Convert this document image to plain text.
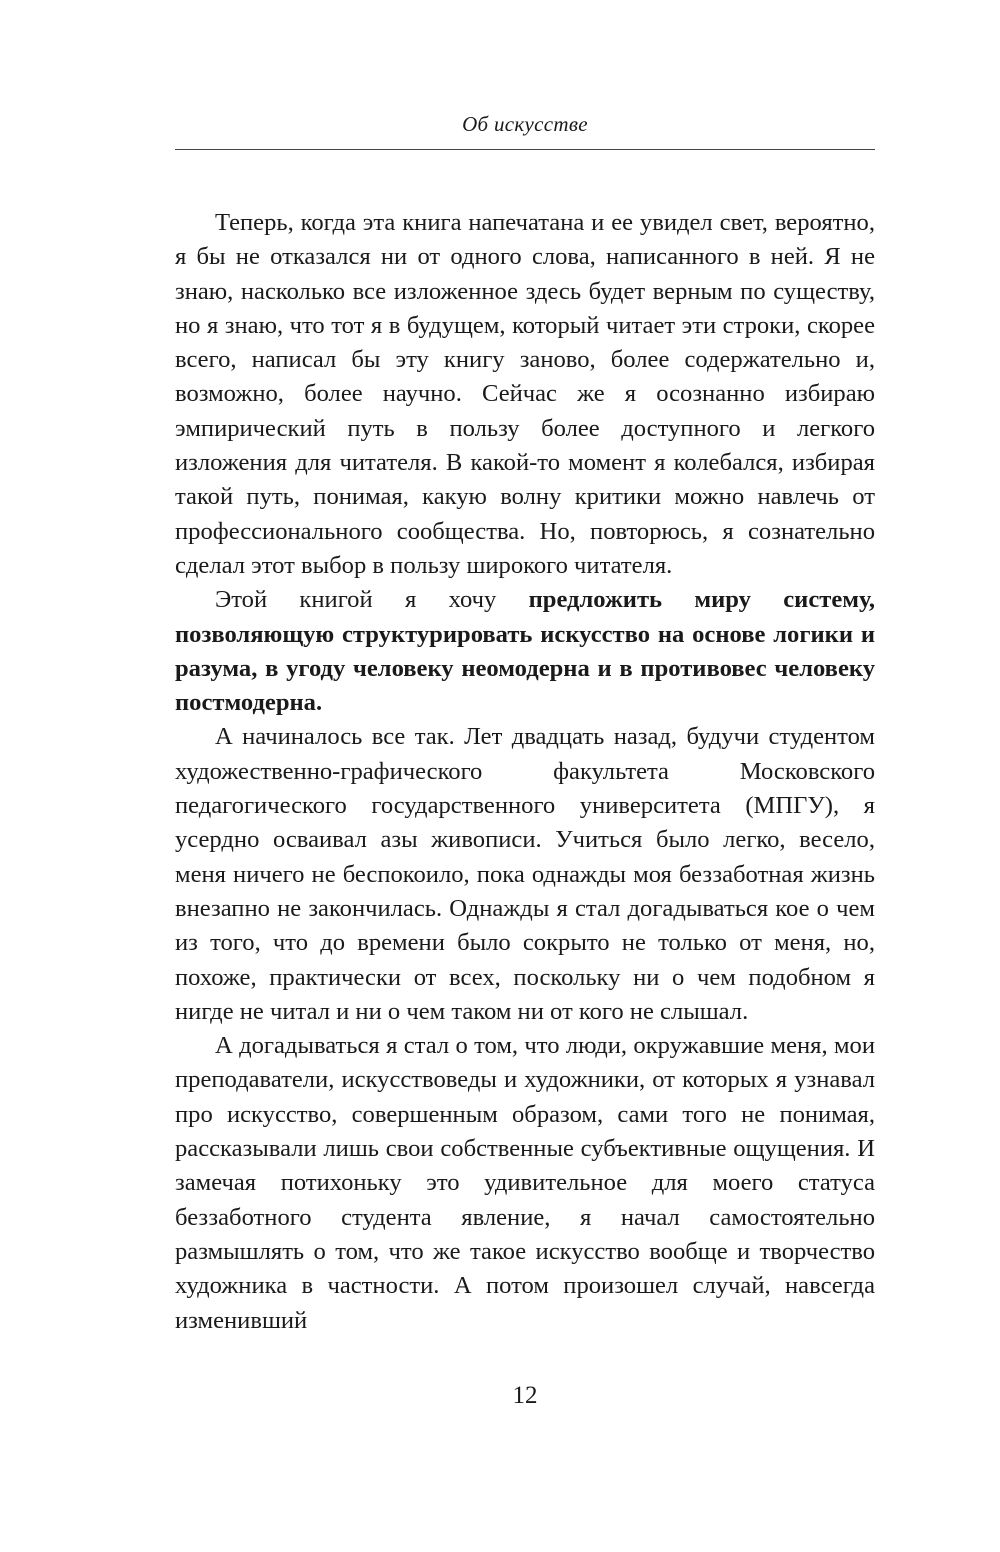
Об искусстве

Теперь, когда эта книга напечатана и ее увидел свет, вероятно, я бы не отказался ни от одного слова, написанного в ней. Я не знаю, насколько все изложенное здесь будет верным по существу, но я знаю, что тот я в будущем, который читает эти строки, скорее всего, написал бы эту книгу заново, более содержательно и, возможно, более научно. Сейчас же я осознанно избираю эмпирический путь в пользу более доступного и легкого изложения для читателя. В какой-то момент я колебался, избирая такой путь, понимая, какую волну критики можно навлечь от профессионального сообщества. Но, повторюсь, я сознательно сделал этот выбор в пользу широкого читателя.

Этой книгой я хочу предложить миру систему, позволяющую структурировать искусство на основе логики и разума, в угоду человеку неомодерна и в противовес человеку постмодерна.

А начиналось все так. Лет двадцать назад, будучи студентом художественно-графического факультета Московского педагогического государственного университета (МПГУ), я усердно осваивал азы живописи. Учиться было легко, весело, меня ничего не беспокоило, пока однажды моя беззаботная жизнь внезапно не закончилась. Однажды я стал догадываться кое о чем из того, что до времени было сокрыто не только от меня, но, похоже, практически от всех, поскольку ни о чем подобном я нигде не читал и ни о чем таком ни от кого не слышал.

А догадываться я стал о том, что люди, окружавшие меня, мои преподаватели, искусствоведы и художники, от которых я узнавал про искусство, совершенным образом, сами того не понимая, рассказывали лишь свои собственные субъективные ощущения. И замечая потихоньку это удивительное для моего статуса беззаботного студента явление, я начал самостоятельно размышлять о том, что же такое искусство вообще и творчество художника в частности. А потом произошел случай, навсегда изменивший

12
